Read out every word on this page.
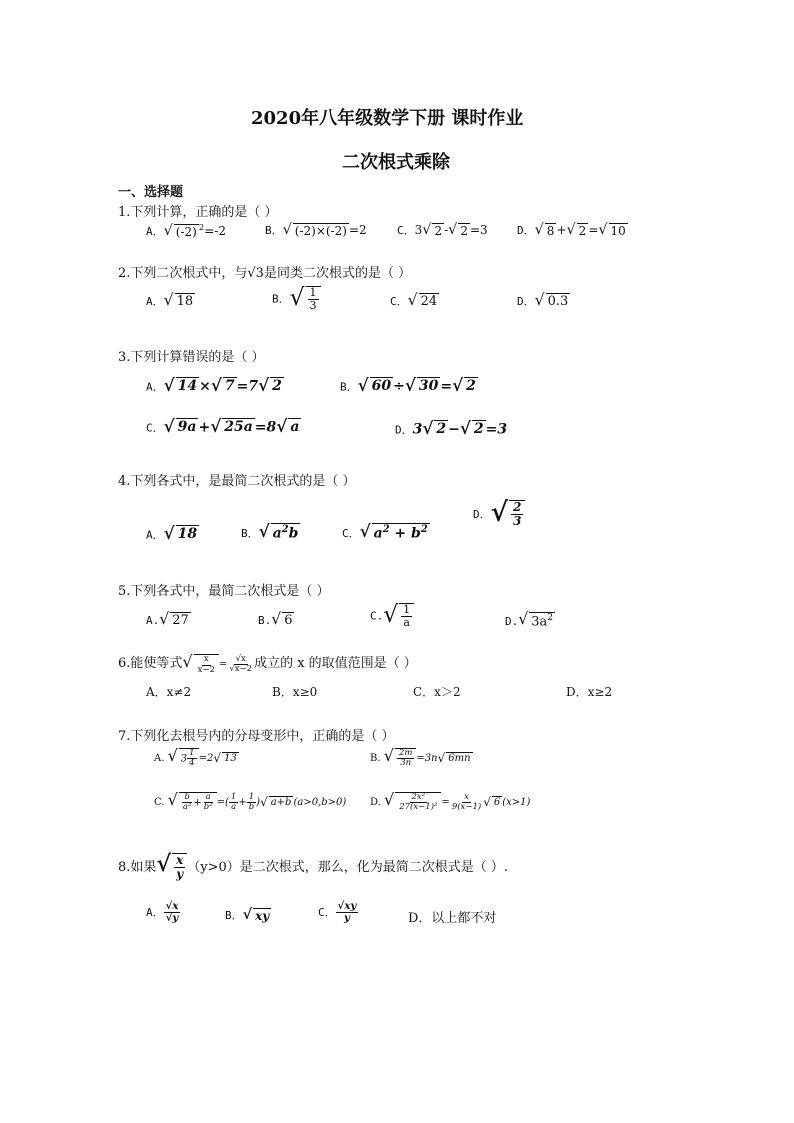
2020年八年级数学下册 课时作业
二次根式乘除
一、选择题
1.下列计算，正确的是（ ）
A． √ (-2) $^2$=-2	B． √ (-2)×(-2) =2	C．3 √ 2 - √ 2 =3	D． √ 8 + √ 2 = √ 10
2.下列二次根式中，与√3是同类二次根式的是（ ）
A． √ 18	B． √ $\frac{1}{3}$	C． √ 24	D． √ 0.3
3.下列计算错误的是（ ）
A． √ 14 × √ 7 =7 √ 2	B． √ 60 ÷ √ 30 = √ 2
C． √ 9a + √ 25a =8 √ a	D．3 √ 2 − √ 2 =3
4.下列各式中，是最简二次根式的是（ ）
A． √ 18	B． √ $a^2b$	C． √ $a^2 + b^2$
D． √ $\frac{2}{3}$
5.下列各式中，最简二次根式是（ ）
A. √ 27	B. √ 6	C. √ $\frac{1}{a}$	D. √ $3a^2$
6.能使等式 √ $\frac{x}{x-2} = \frac{√x}{√x-2}$ 成立的 x 的取值范围是（ ）
A．x≠2	B．x≥0	C．x＞2	D．x≥2
7.下列化去根号内的分母变形中，正确的是（ ）
A. √ $3 \frac{1}{4} =2$ √ 13	B. √ $\frac{2m}{3n} =3n$ √ 6mn
C. √ $\frac{b}{\text{a²}} + \frac{a}{\text{b²}}$ =( $\frac{1}{a} + \frac{1}{b}$ ) √ a+b (a>0,b>0) D. √ $\frac{\text{2x²}}{\text{27(x−1)²}} = \frac{x}{9(x-1)}$ √ 6 (x>1)
8.如果 √ $\frac{x}{y} (y>0)$是二次根式，那么，化为最简二次根式是（ ）.
A． $\frac{√x}{√y}$	B． √ xy	C． $\frac{√xy}{y}$	D．以上都不对
